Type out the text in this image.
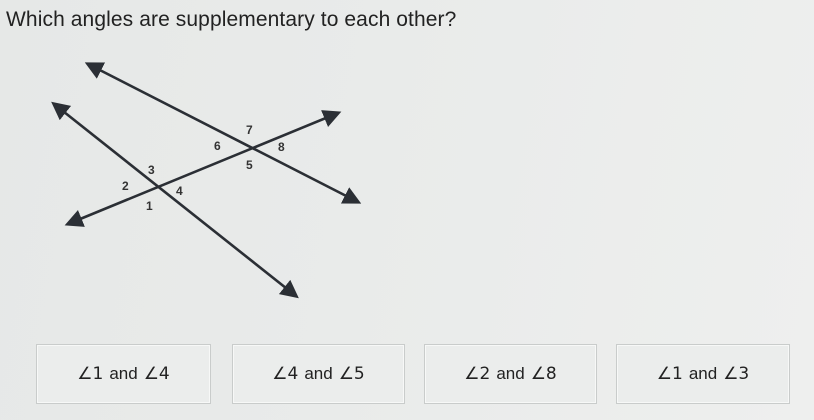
Which angles are supplementary to each other?
1
2
3
4
5
6
7
8
∠1 and ∠4	∠4 and ∠5	∠2 and ∠8	∠1 and ∠3
